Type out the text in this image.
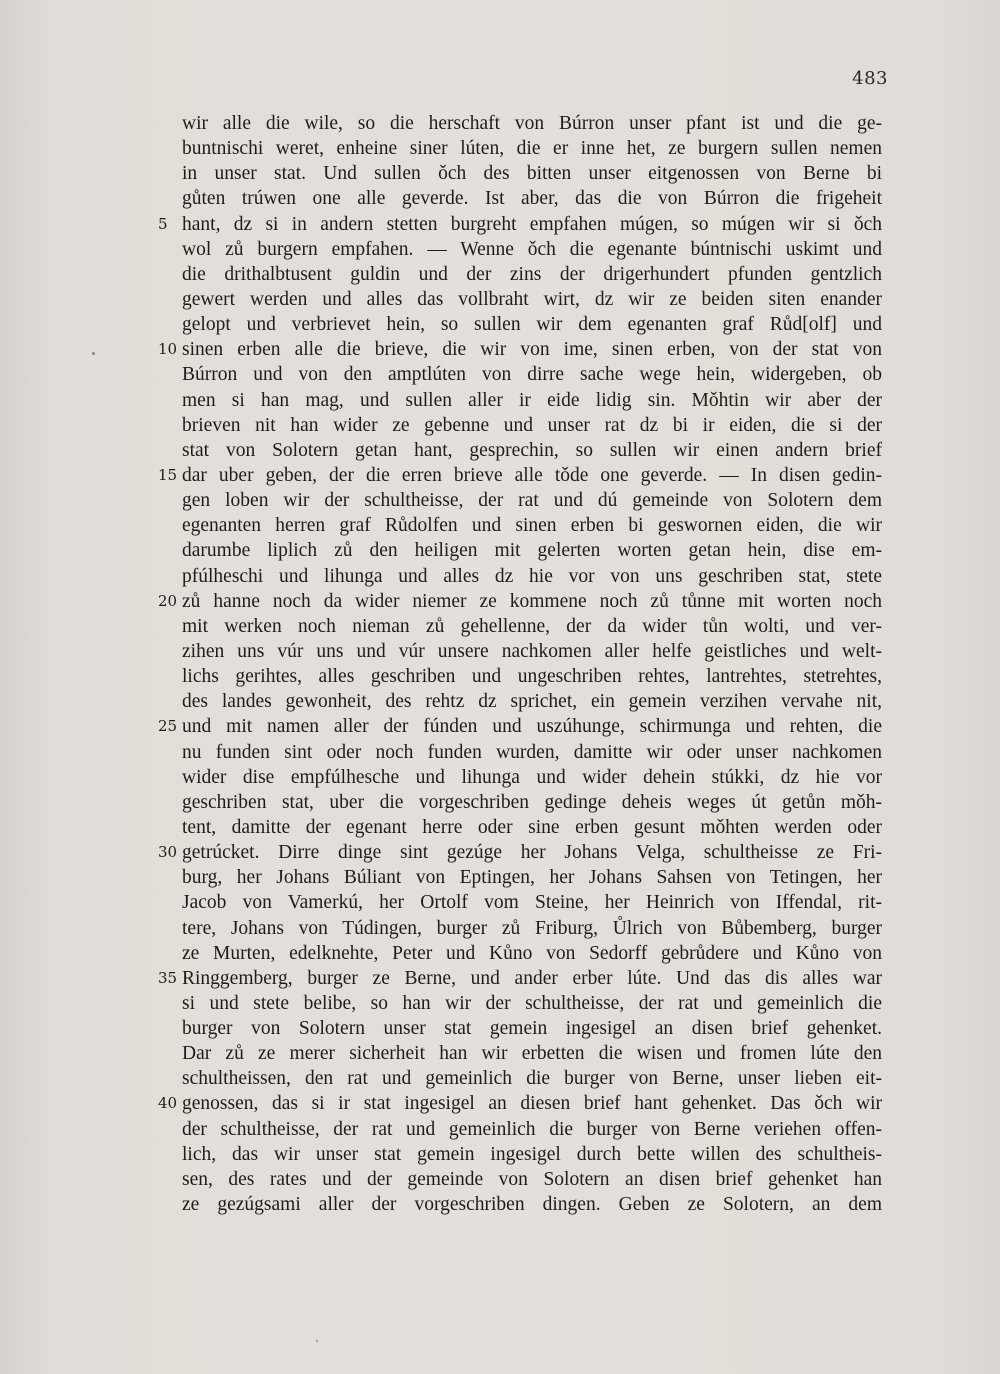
483
wir alle die wile, so die herschaft von Búrron unser pfant ist und die ge-
buntnischi weret, enheine siner lúten, die er inne het, ze burgern sullen nemen
in unser stat. Und sullen ǒch des bitten unser eitgenossen von Berne bi
gůten trúwen one alle geverde. Ist aber, das die von Búrron die frigeheit
5 hant, dz si in andern stetten burgreht empfahen múgen, so múgen wir si ǒch
wol zů burgern empfahen. — Wenne ǒch die egenante búntnischi uskimt und
die drithalbtusent guldin und der zins der drigerhundert pfunden gentzlich
gewert werden und alles das vollbraht wirt, dz wir ze beiden siten enander
gelopt und verbrievet hein, so sullen wir dem egenanten graf Růd[olf] und
10 sinen erben alle die brieve, die wir von ime, sinen erben, von der stat von
Búrron und von den amptlúten von dirre sache wege hein, widergeben, ob
men si han mag, und sullen aller ir eide lidig sin. Mǒhtin wir aber der
brieven nit han wider ze gebenne und unser rat dz bi ir eiden, die si der
stat von Solotern getan hant, gesprechin, so sullen wir einen andern brief
15 dar uber geben, der die erren brieve alle tǒde one geverde. — In disen gedin-
gen loben wir der schultheisse, der rat und dú gemeinde von Solotern dem
egenanten herren graf Růdolfen und sinen erben bi geswornen eiden, die wir
darumbe liplich zů den heiligen mit gelerten worten getan hein, dise em-
pfúlheschi und lihunga und alles dz hie vor von uns geschriben stat, stete
20 zů hanne noch da wider niemer ze kommene noch zů tůnne mit worten noch
mit werken noch nieman zů gehellenne, der da wider tůn wolti, und ver-
zihen uns vúr uns und vúr unsere nachkomen aller helfe geistliches und welt-
lichs gerihtes, alles geschriben und ungeschriben rehtes, lantrehtes, stetrehtes,
des landes gewonheit, des rehtz dz sprichet, ein gemein verzihen vervahe nit,
25 und mit namen aller der fúnden und uszúhunge, schirmunga und rehten, die
nu funden sint oder noch funden wurden, damitte wir oder unser nachkomen
wider dise empfúlhesche und lihunga und wider dehein stúkki, dz hie vor
geschriben stat, uber die vorgeschriben gedinge deheis weges út getůn mǒh-
tent, damitte der egenant herre oder sine erben gesunt mǒhten werden oder
30 getrúcket. Dirre dinge sint gezúge her Johans Velga, schultheisse ze Fri-
burg, her Johans Búliant von Eptingen, her Johans Sahsen von Tetingen, her
Jacob von Vamerkú, her Ortolf vom Steine, her Heinrich von Iffendal, rit-
tere, Johans von Túdingen, burger zů Friburg, Ůlrich von Bůbemberg, burger
ze Murten, edelknehte, Peter und Kůno von Sedorff gebrůdere und Kůno von
35 Ringgemberg, burger ze Berne, und ander erber lúte. Und das dis alles war
si und stete belibe, so han wir der schultheisse, der rat und gemeinlich die
burger von Solotern unser stat gemein ingesigel an disen brief gehenket.
Dar zů ze merer sicherheit han wir erbetten die wisen und fromen lúte den
schultheissen, den rat und gemeinlich die burger von Berne, unser lieben eit-
40 genossen, das si ir stat ingesigel an diesen brief hant gehenket. Das ǒch wir
der schultheisse, der rat und gemeinlich die burger von Berne veriehen offen-
lich, das wir unser stat gemein ingesigel durch bette willen des schultheis-
sen, des rates und der gemeinde von Solotern an disen brief gehenket han
ze gezúgsami aller der vorgeschriben dingen. Geben ze Solotern, an dem
